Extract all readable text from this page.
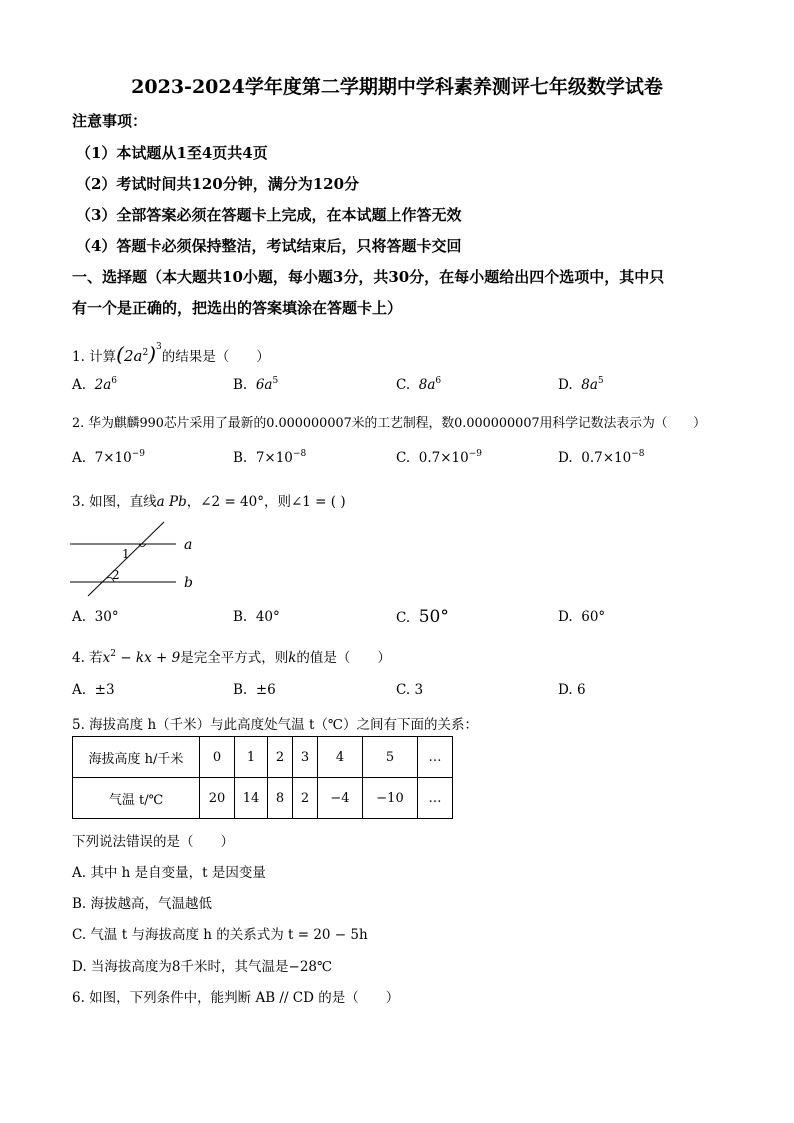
2023-2024学年度第二学期期中学科素养测评七年级数学试卷
注意事项：
（1）本试题从1至4页共4页
（2）考试时间共120分钟，满分为120分
（3）全部答案必须在答题卡上完成，在本试题上作答无效
（4）答题卡必须保持整洁，考试结束后，只将答题卡交回
一、选择题（本大题共10小题，每小题3分，共30分，在每小题给出四个选项中，其中只
有一个是正确的，把选出的答案填涂在答题卡上）
1. 计算$(2a^2)^3$的结果是（　　）
A. $2a^6$	B. $6a^5$	C. $8a^6$	D. $8a^5$
2. 华为麒麟990芯片采用了最新的0.000000007米的工艺制程，数0.000000007用科学记数法表示为（　　）
A. $7\times 10^{-9}$	B. $7\times 10^{-8}$	C. $0.7\times 10^{-9}$	D. $0.7\times 10^{-8}$
3. 如图，直线a Pb，∠2 = 40°，则∠1 = ( )
1
2
a
b
A. 30°	B. 40°	C. 50°	D. 60°
4. 若$x^2$ − kx + 9是完全平方式，则k的值是（　　）
A. ±3	B. ±6	C. 3	D. 6
5. 海拔高度 h（千米）与此高度处气温 t（℃）之间有下面的关系：
海拔高度 h/千米	0	1	2	3	4	5	…
气温 t/℃	20	14	8	2	−4	−10	…
下列说法错误的是（　　）
A. 其中 h 是自变量，t 是因变量
B. 海拔越高，气温越低
C. 气温 t 与海拔高度 h 的关系式为 t = 20 − 5h
D. 当海拔高度为8千米时，其气温是−28℃
6. 如图，下列条件中，能判断 AB // CD 的是（　　）
